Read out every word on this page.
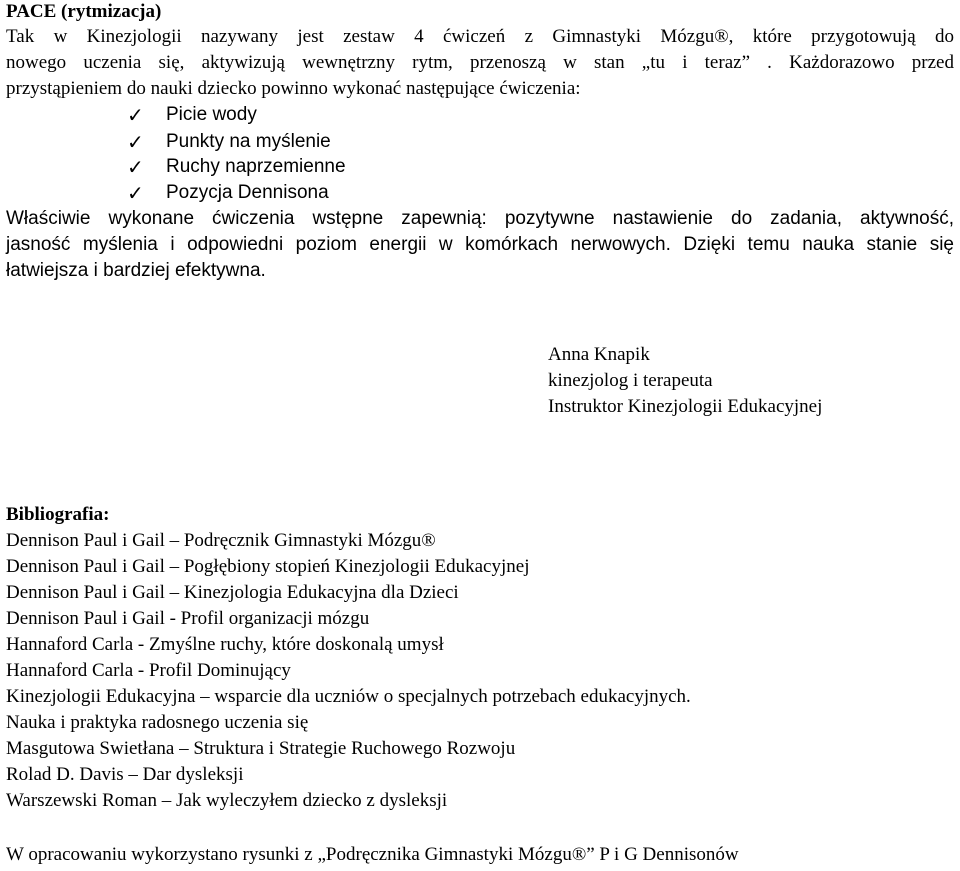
PACE (rytmizacja)
Tak w Kinezjologii nazywany jest zestaw 4 ćwiczeń z Gimnastyki Mózgu®, które przygotowują do
nowego uczenia się, aktywizują wewnętrzny rytm, przenoszą w stan „tu i teraz” . Każdorazowo przed
przystąpieniem do nauki dziecko powinno wykonać następujące ćwiczenia:
✓ Picie wody
✓ Punkty na myślenie
✓ Ruchy naprzemienne
✓ Pozycja Dennisona
Właściwie wykonane ćwiczenia wstępne zapewnią: pozytywne nastawienie do zadania, aktywność,
jasność myślenia i odpowiedni poziom energii w komórkach nerwowych. Dzięki temu nauka stanie się
łatwiejsza i bardziej efektywna.
Anna Knapik
kinezjolog i terapeuta
Instruktor Kinezjologii Edukacyjnej
Bibliografia:
Dennison Paul i Gail – Podręcznik Gimnastyki Mózgu®
Dennison Paul i Gail – Pogłębiony stopień Kinezjologii Edukacyjnej
Dennison Paul i Gail – Kinezjologia Edukacyjna dla Dzieci
Dennison Paul i Gail - Profil organizacji mózgu
Hannaford Carla - Zmyślne ruchy, które doskonalą umysł
Hannaford Carla - Profil Dominujący
Kinezjologii Edukacyjna – wsparcie dla uczniów o specjalnych potrzebach edukacyjnych.
Nauka i praktyka radosnego uczenia się
Masgutowa Swietłana – Struktura i Strategie Ruchowego Rozwoju
Rolad D. Davis – Dar dysleksji
Warszewski Roman – Jak wyleczyłem dziecko z dysleksji
W opracowaniu wykorzystano rysunki z „Podręcznika Gimnastyki Mózgu®” P i G Dennisonów
